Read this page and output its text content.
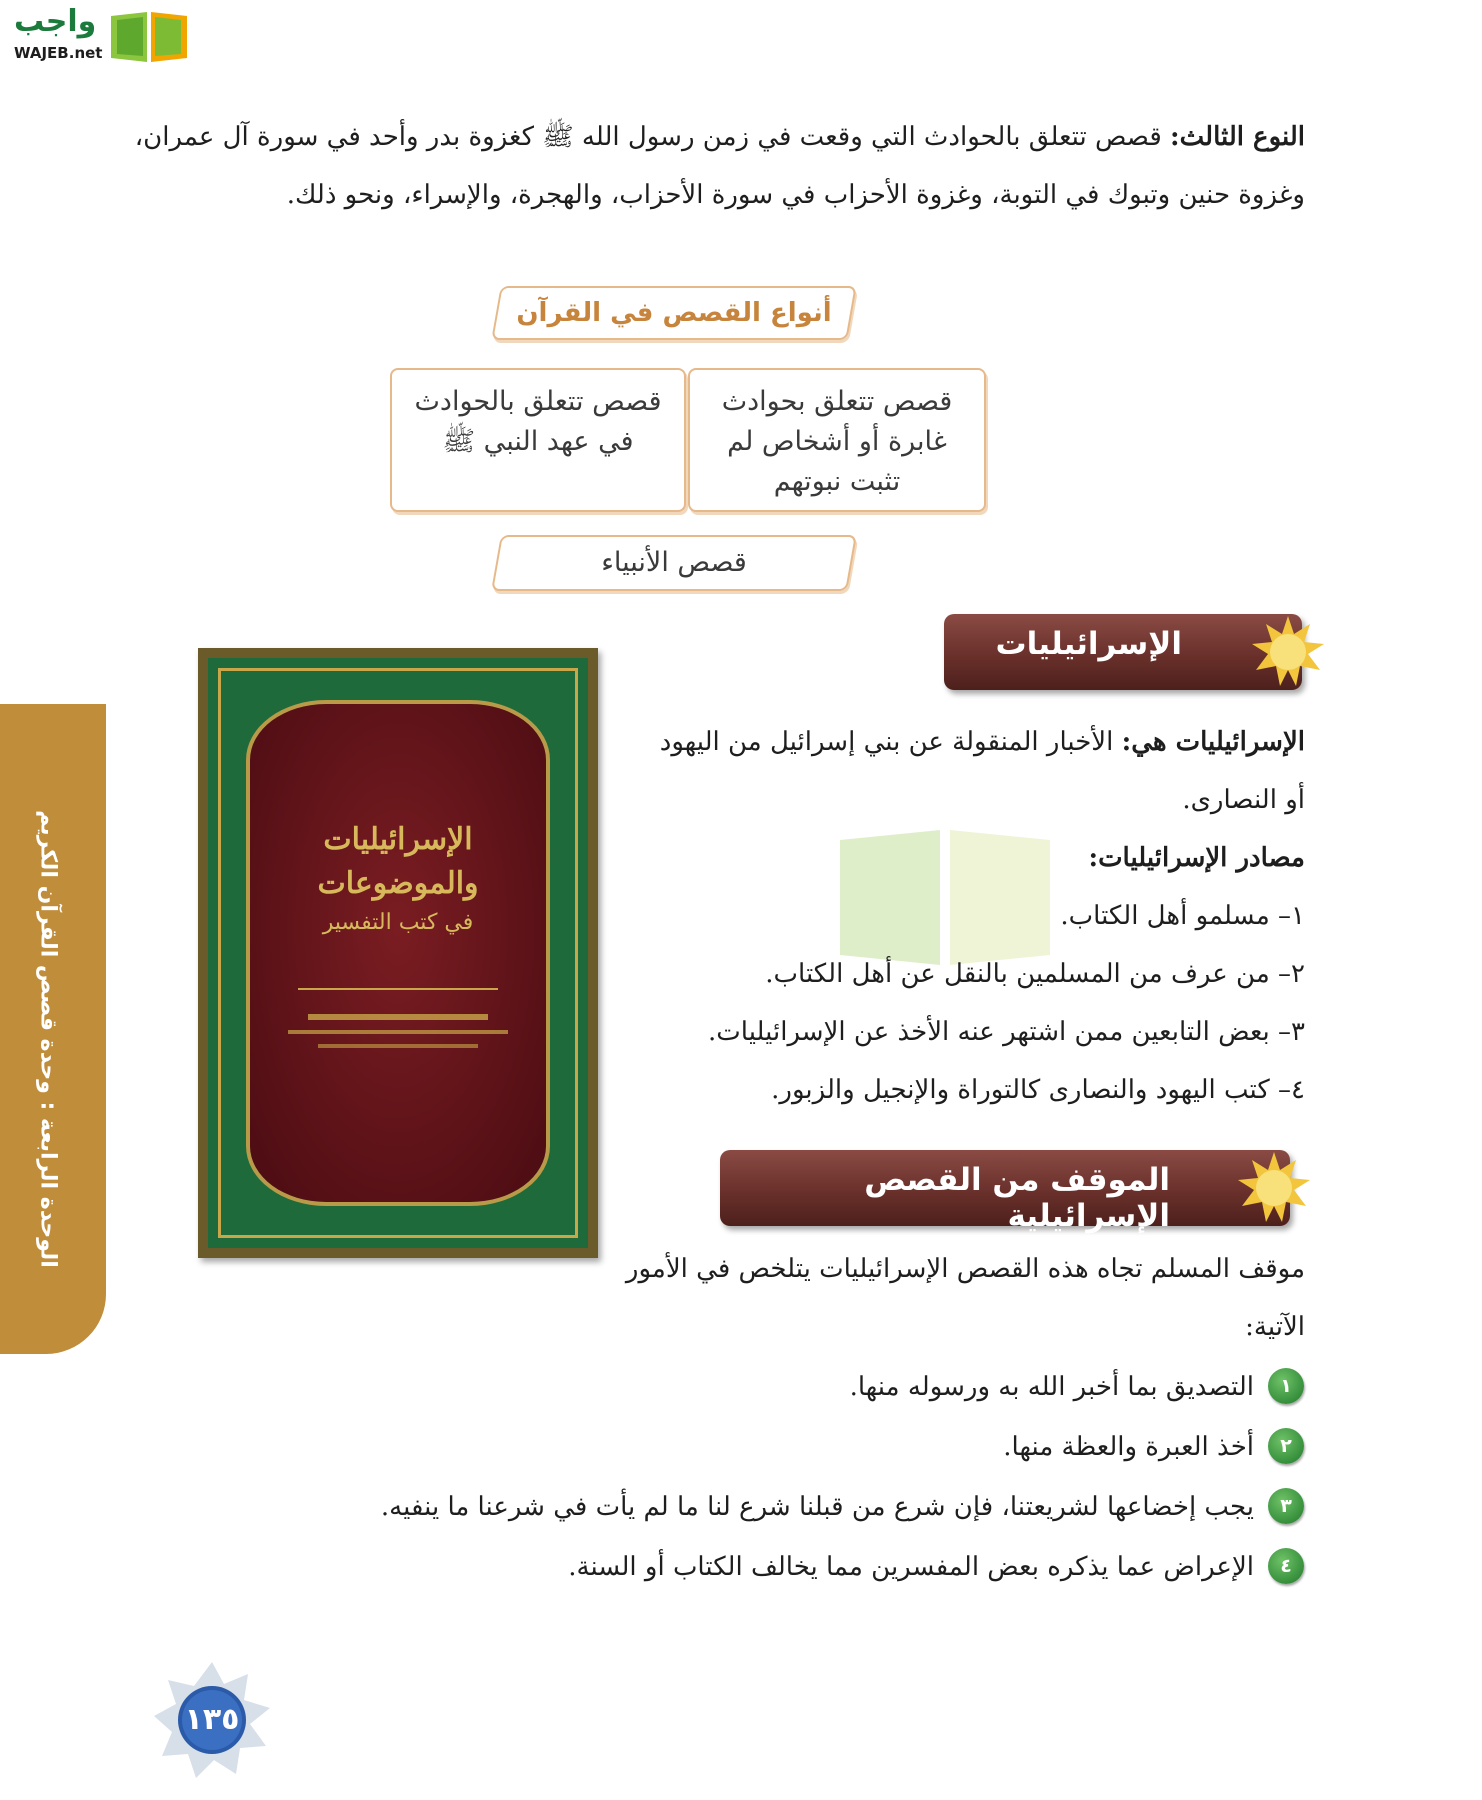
واجب
WAJEB.net
النوع الثالث: قصص تتعلق بالحوادث التي وقعت في زمن رسول الله ﷺ كغزوة بدر وأحد في سورة آل عمران،
وغزوة حنين وتبوك في التوبة، وغزوة الأحزاب في سورة الأحزاب، والهجرة، والإسراء، ونحو ذلك.
أنواع القصص في القرآن
قصص تتعلق بالحوادث في عهد النبي ﷺ
قصص تتعلق بحوادث غابرة أو أشخاص لم تثبت نبوتهم
قصص الأنبياء
الوحدة الرابعة : وحدة قصص القرآن الكريم	الإسرائيليات والموضوعات
في كتب التفسير
الإسرائيليات
الإسرائيليات هي: الأخبار المنقولة عن بني إسرائيل من اليهود
أو النصارى.
مصادر الإسرائيليات:
١– مسلمو أهل الكتاب.
٢– من عرف من المسلمين بالنقل عن أهل الكتاب.
٣– بعض التابعين ممن اشتهر عنه الأخذ عن الإسرائيليات.
٤– كتب اليهود والنصارى كالتوراة والإنجيل والزبور.
الموقف من القصص الإسرائيلية
موقف المسلم تجاه هذه القصص الإسرائيليات يتلخص في الأمور
الآتية:
١
التصديق بما أخبر الله به ورسوله منها.
٢
أخذ العبرة والعظة منها.
٣
يجب إخضاعها لشريعتنا، فإن شرع من قبلنا شرع لنا ما لم يأت في شرعنا ما ينفيه.
٤
الإعراض عما يذكره بعض المفسرين مما يخالف الكتاب أو السنة.
١٣٥
